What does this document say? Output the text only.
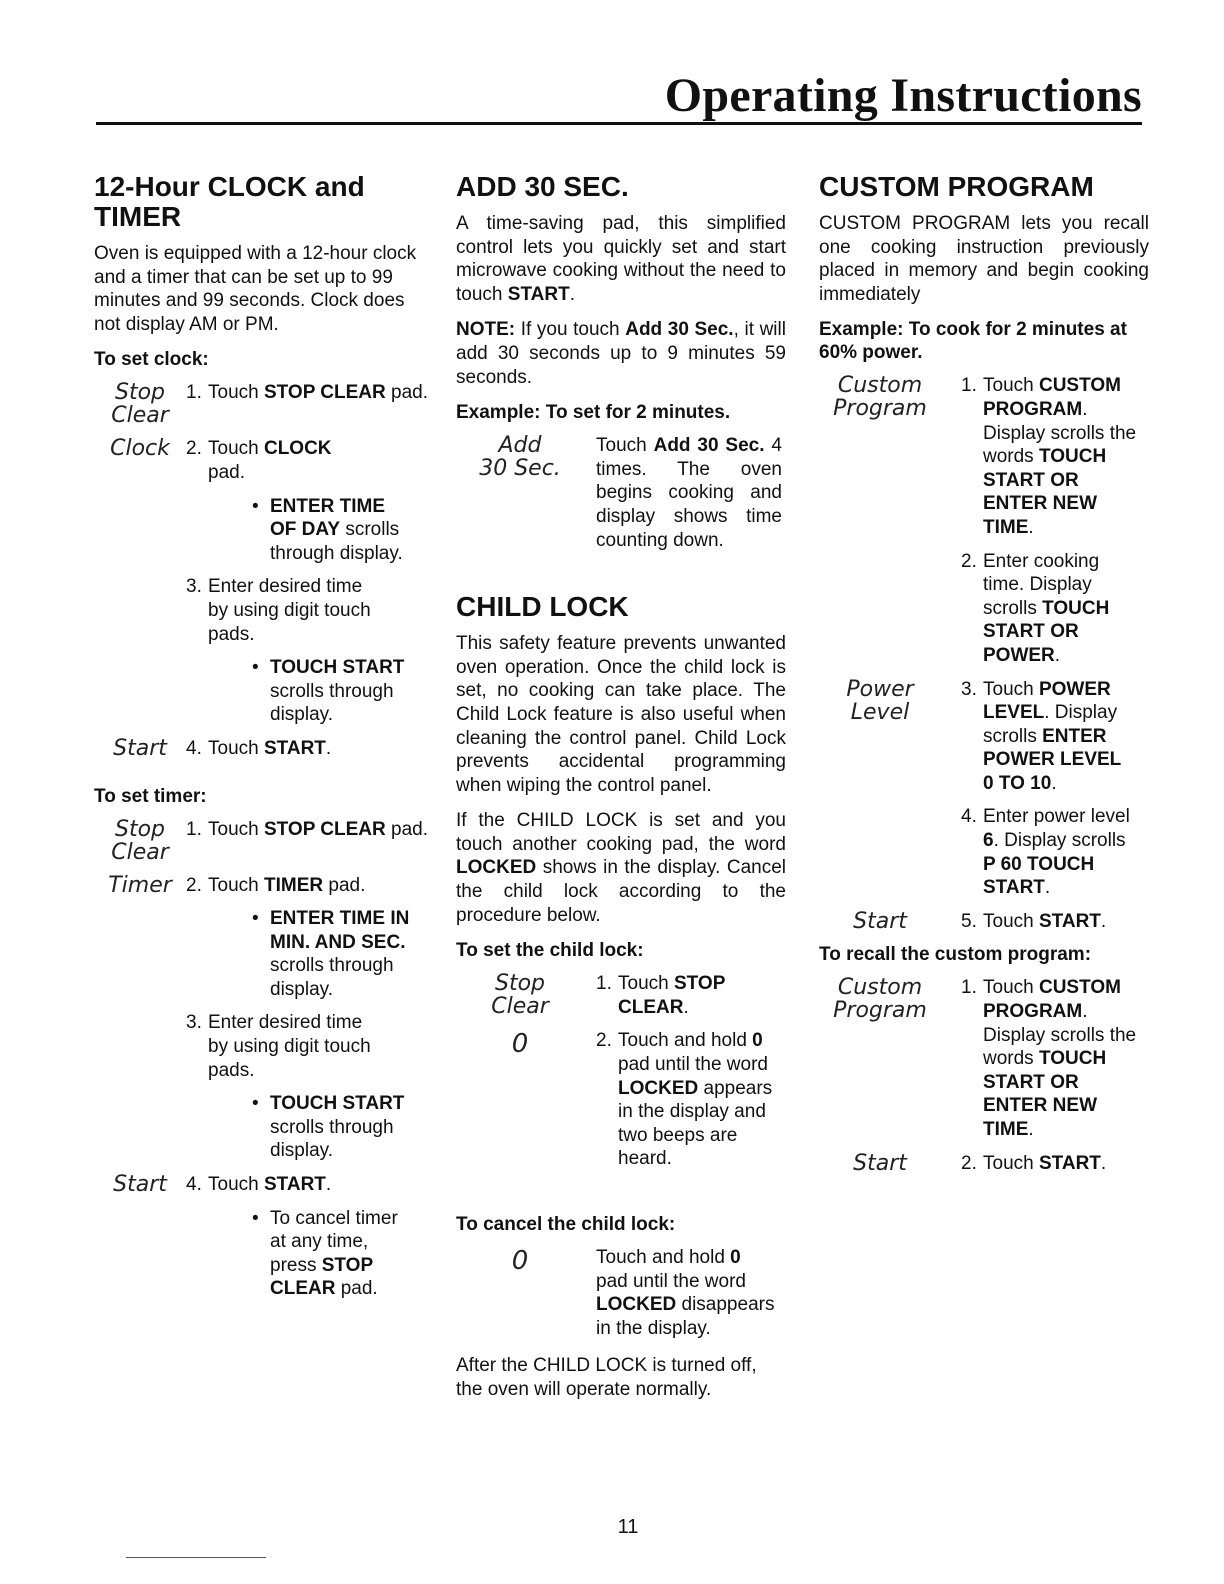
Operating Instructions
12-Hour CLOCK and TIMER

Oven is equipped with a 12-hour clock and a timer that can be set up to 99 minutes and 99 seconds. Clock does not display AM or PM.

To set clock:
Stop
Clear
1. Touch STOP CLEAR pad.
Clock 2. Touch CLOCK pad.
• ENTER TIME OF DAY scrolls through display.
3. Enter desired time by using digit touch pads.
• TOUCH START scrolls through display.
Start	4. Touch START.
To set timer:
Stop
Clear
1. Touch STOP CLEAR pad.
Timer 2. Touch TIMER pad.
• ENTER TIME IN MIN. AND SEC. scrolls through display.
3. Enter desired time by using digit touch pads.
• TOUCH START scrolls through display.
Start	4. Touch START.
• To cancel timer at any time, press STOP CLEAR pad.
ADD 30 SEC.

A time-saving pad, this simplified control lets you quickly set and start microwave cooking without the need to touch START.

NOTE: If you touch Add 30 Sec., it will add 30 seconds up to 9 minutes 59 seconds.

Example: To set for 2 minutes.
Add
30 Sec.
Touch Add 30 Sec. 4 times. The oven begins cooking and display shows time counting down.
CHILD LOCK

This safety feature prevents unwanted oven operation. Once the child lock is set, no cooking can take place. The Child Lock feature is also useful when cleaning the control panel. Child Lock prevents accidental programming when wiping the control panel.

If the CHILD LOCK is set and you touch another cooking pad, the word LOCKED shows in the display. Cancel the child lock according to the procedure below.

To set the child lock:
Stop
Clear
1. Touch STOP CLEAR.
0	2. Touch and hold 0 pad until the word LOCKED appears in the display and two beeps are heard.
To cancel the child lock:
0	Touch and hold 0 pad until the word LOCKED disappears in the display.

After the CHILD LOCK is turned off, the oven will operate normally.

CUSTOM PROGRAM

CUSTOM PROGRAM lets you recall one cooking instruction previously placed in memory and begin cooking immediately

Example: To cook for 2 minutes at 60% power.
Custom
Program
1. Touch CUSTOM PROGRAM. Display scrolls the words TOUCH START OR ENTER NEW TIME.
2. Enter cooking time. Display scrolls TOUCH START OR POWER.
Power
Level
3. Touch POWER LEVEL. Display scrolls ENTER POWER LEVEL 0 TO 10.
4. Enter power level 6. Display scrolls P 60 TOUCH START.
Start	5. Touch START.
To recall the custom program:
Custom
Program
1. Touch CUSTOM PROGRAM. Display scrolls the words TOUCH START OR ENTER NEW TIME.
Start	2. Touch START.
11
